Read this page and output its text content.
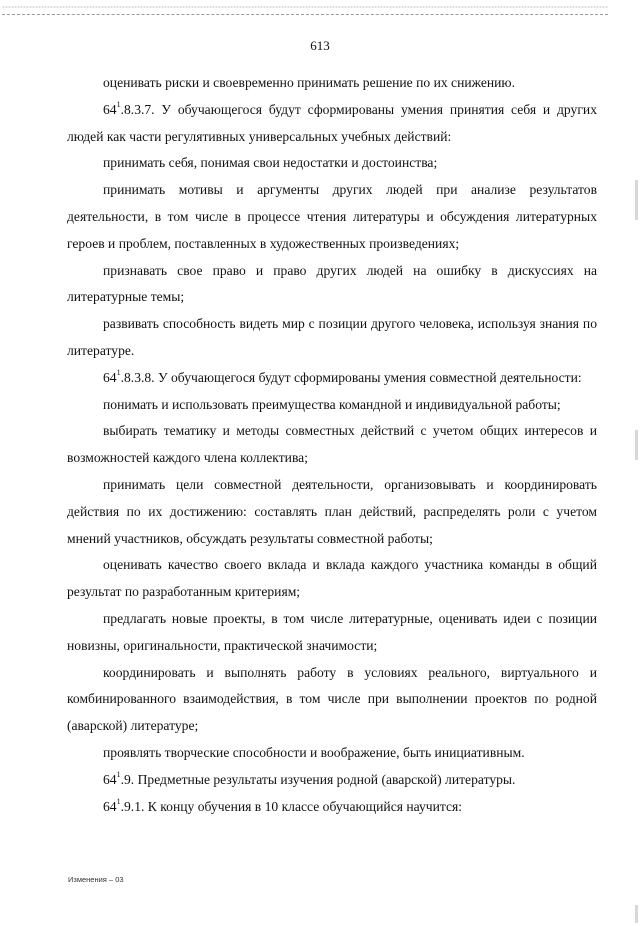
613

оценивать риски и своевременно принимать решение по их снижению.

$64^1.8.3.7$. У обучающегося будут сформированы умения принятия себя и других людей как части регулятивных универсальных учебных действий:

принимать себя, понимая свои недостатки и достоинства;

принимать мотивы и аргументы других людей при анализе результатов деятельности, в том числе в процессе чтения литературы и обсуждения литературных героев и проблем, поставленных в художественных произведениях;

признавать свое право и право других людей на ошибку в дискуссиях на литературные темы;

развивать способность видеть мир с позиции другого человека, используя знания по литературе.

$64^1.8.3.8$. У обучающегося будут сформированы умения совместной деятельности:

понимать и использовать преимущества командной и индивидуальной работы;

выбирать тематику и методы совместных действий с учетом общих интересов и возможностей каждого члена коллектива;

принимать цели совместной деятельности, организовывать и координировать действия по их достижению: составлять план действий, распределять роли с учетом мнений участников, обсуждать результаты совместной работы;

оценивать качество своего вклада и вклада каждого участника команды в общий результат по разработанным критериям;

предлагать новые проекты, в том числе литературные, оценивать идеи с позиции новизны, оригинальности, практической значимости;

координировать и выполнять работу в условиях реального, виртуального и комбинированного взаимодействия, в том числе при выполнении проектов по родной (аварской) литературе;

проявлять творческие способности и воображение, быть инициативным.

$64^1.9$. Предметные результаты изучения родной (аварской) литературы.

$64^1.9.1$. К концу обучения в 10 классе обучающийся научится:

Изменения – 03
